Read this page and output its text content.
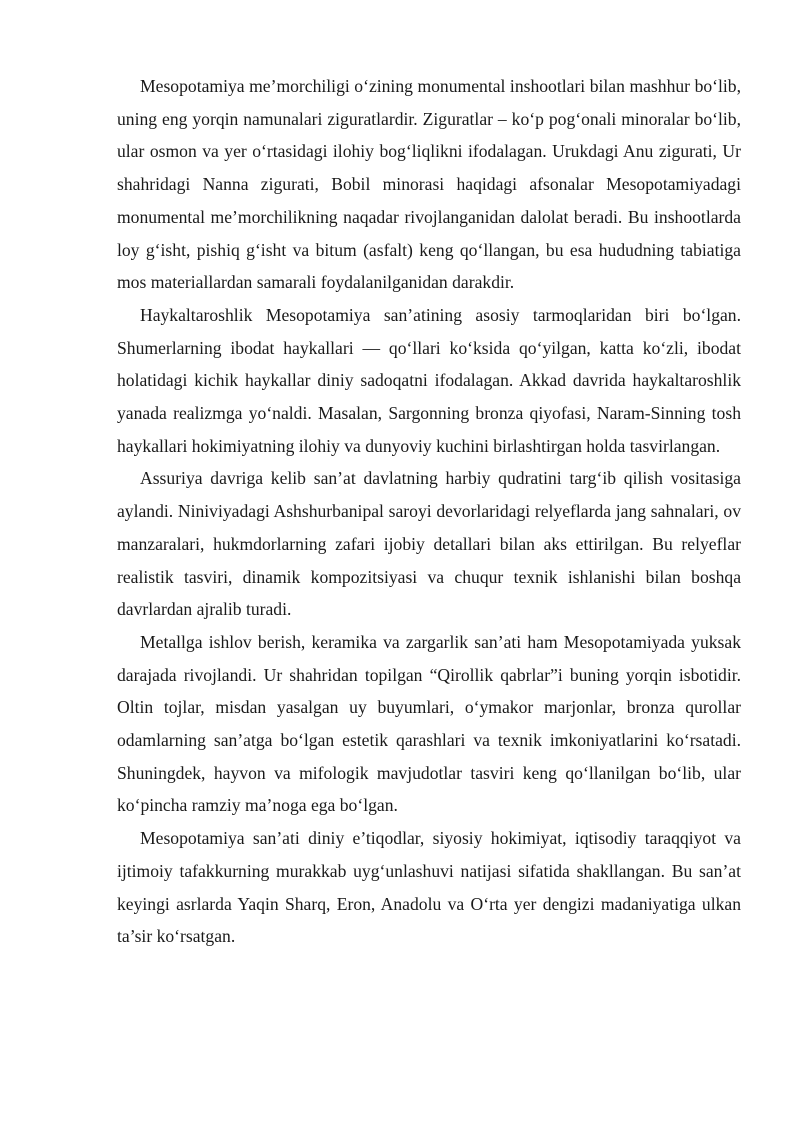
Mesopotamiya me’morchiligi o‘zining monumental inshootlari bilan mashhur bo‘lib, uning eng yorqin namunalari ziguratlardir. Ziguratlar – ko‘p pog‘onali minoralar bo‘lib, ular osmon va yer o‘rtasidagi ilohiy bog‘liqlikni ifodalagan. Urukdagi Anu zigurati, Ur shahridagi Nanna zigurati, Bobil minorasi haqidagi afsonalar Mesopotamiyadagi monumental me’morchilikning naqadar rivojlanganidan dalolat beradi. Bu inshootlarda loy g‘isht, pishiq g‘isht va bitum (asfalt) keng qo‘llangan, bu esa hududning tabiatiga mos materiallardan samarali foydalanilganidan darakdir.

Haykaltaroshlik Mesopotamiya san’atining asosiy tarmoqlaridan biri bo‘lgan. Shumerlarning ibodat haykallari — qo‘llari ko‘ksida qo‘yilgan, katta ko‘zli, ibodat holatidagi kichik haykallar diniy sadoqatni ifodalagan. Akkad davrida haykaltaroshlik yanada realizmga yo‘naldi. Masalan, Sargonning bronza qiyofasi, Naram-Sinning tosh haykallari hokimiyatning ilohiy va dunyoviy kuchini birlashtirgan holda tasvirlangan.

Assuriya davriga kelib san’at davlatning harbiy qudratini targ‘ib qilish vositasiga aylandi. Niniviyadagi Ashshurbanipal saroyi devorlaridagi relyeflarda jang sahnalari, ov manzaralari, hukmdorlarning zafari ijobiy detallari bilan aks ettirilgan. Bu relyeflar realistik tasviri, dinamik kompozitsiyasi va chuqur texnik ishlanishi bilan boshqa davrlardan ajralib turadi.

Metallga ishlov berish, keramika va zargarlik san’ati ham Mesopotamiyada yuksak darajada rivojlandi. Ur shahridan topilgan “Qirollik qabrlar”i buning yorqin isbotidir. Oltin tojlar, misdan yasalgan uy buyumlari, o‘ymakor marjonlar, bronza qurollar odamlarning san’atga bo‘lgan estetik qarashlari va texnik imkoniyatlarini ko‘rsatadi. Shuningdek, hayvon va mifologik mavjudotlar tasviri keng qo‘llanilgan bo‘lib, ular ko‘pincha ramziy ma’noga ega bo‘lgan.

Mesopotamiya san’ati diniy e’tiqodlar, siyosiy hokimiyat, iqtisodiy taraqqiyot va ijtimoiy tafakkurning murakkab uyg‘unlashuvi natijasi sifatida shakllangan. Bu san’at keyingi asrlarda Yaqin Sharq, Eron, Anadolu va O‘rta yer dengizi madaniyatiga ulkan ta’sir ko‘rsatgan.
